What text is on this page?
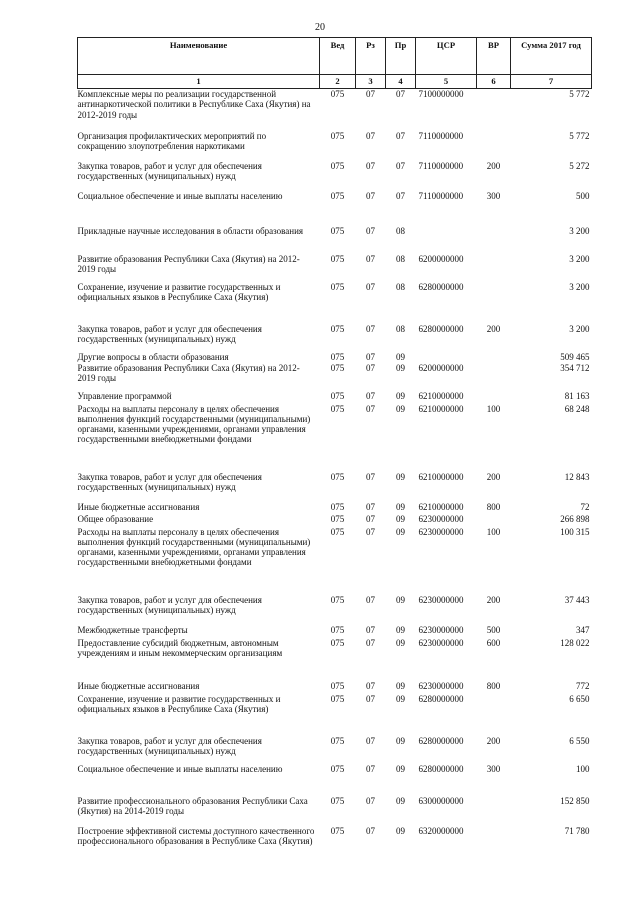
20
Наименование	Вед	Рз	Пр	ЦСР	ВР	Сумма 2017 год
1	2	3	4	5	6	7
Комплексные меры по реализации государственной антинаркотической политики в Республике Саха (Якутия) на 2012-2019 годы	075	07	07	7100000000		5 772
Организация профилактических мероприятий по сокращению злоупотребления наркотиками	075	07	07	7110000000		5 772
Закупка товаров, работ и услуг для обеспечения государственных (муниципальных) нужд	075	07	07	7110000000	200	5 272
Социальное обеспечение и иные выплаты населению	075	07	07	7110000000	300	500
Прикладные научные исследования в области образования	075	07	08			3 200
Развитие образования Республики Саха (Якутия) на 2012-2019 годы	075	07	08	6200000000		3 200
Сохранение, изучение и развитие государственных и официальных языков в Республике Саха (Якутия)	075	07	08	6280000000		3 200
Закупка товаров, работ и услуг для обеспечения государственных (муниципальных) нужд	075	07	08	6280000000	200	3 200
Другие вопросы в области образования	075	07	09			509 465
Развитие образования Республики Саха (Якутия) на 2012-2019 годы	075	07	09	6200000000		354 712
Управление программой	075	07	09	6210000000		81 163
Расходы на выплаты персоналу в целях обеспечения выполнения функций государственными (муниципальными) органами, казенными учреждениями, органами управления государственными внебюджетными фондами	075	07	09	6210000000	100	68 248
Закупка товаров, работ и услуг для обеспечения государственных (муниципальных) нужд	075	07	09	6210000000	200	12 843
Иные бюджетные ассигнования	075	07	09	6210000000	800	72
Общее образование	075	07	09	6230000000		266 898
Расходы на выплаты персоналу в целях обеспечения выполнения функций государственными (муниципальными) органами, казенными учреждениями, органами управления государственными внебюджетными фондами	075	07	09	6230000000	100	100 315
Закупка товаров, работ и услуг для обеспечения государственных (муниципальных) нужд	075	07	09	6230000000	200	37 443
Межбюджетные трансферты	075	07	09	6230000000	500	347
Предоставление субсидий бюджетным, автономным учреждениям и иным некоммерческим организациям	075	07	09	6230000000	600	128 022
Иные бюджетные ассигнования	075	07	09	6230000000	800	772
Сохранение, изучение и развитие государственных и официальных языков в Республике Саха (Якутия)	075	07	09	6280000000		6 650
Закупка товаров, работ и услуг для обеспечения государственных (муниципальных) нужд	075	07	09	6280000000	200	6 550
Социальное обеспечение и иные выплаты населению	075	07	09	6280000000	300	100
Развитие профессионального образования Республики Саха (Якутия) на 2014-2019 годы	075	07	09	6300000000		152 850
Построение эффективной системы доступного качественного профессионального образования в Республике Саха (Якутия)	075	07	09	6320000000		71 780
